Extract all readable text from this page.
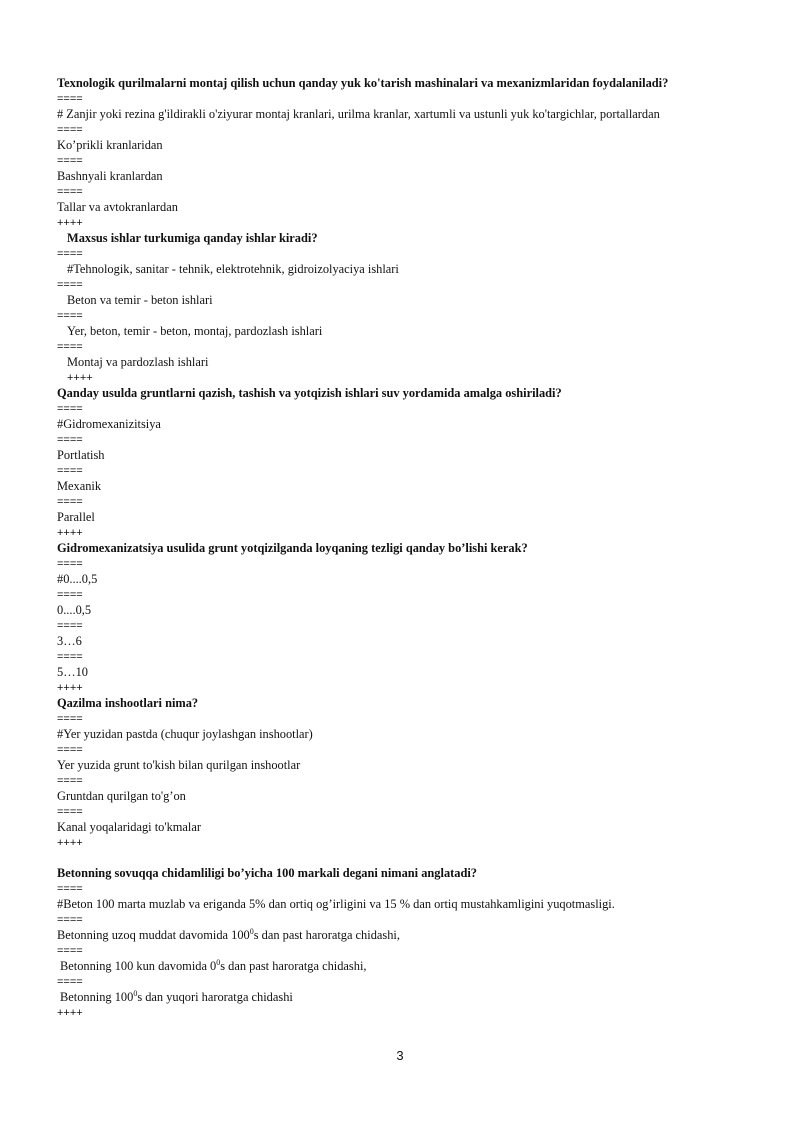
Texnologik qurilmalarni montaj qilish uchun qanday yuk ko'tarish mashinalari va mexanizmlaridan foydalaniladi?
====
# Zanjir yoki rezina g'ildirakli o'ziyurar montaj kranlari, urilma kranlar, xartumli va ustunli yuk ko'targichlar, portallardan
====
Ko’prikli kranlaridan
====
Bashnyali kranlardan
====
Tallar va avtokranlardan
++++
Maxsus ishlar turkumiga qanday ishlar kiradi?
====
#Tehnologik, sanitar - tehnik, elektrotehnik, gidroizolyaciya ishlari
====
Beton va temir - beton ishlari
====
Yer, beton, temir - beton, montaj, pardozlash ishlari
====
Montaj va pardozlash ishlari
++++
Qanday usulda gruntlarni qazish, tashish va yotqizish ishlari suv yordamida amalga oshiriladi?
====
#Gidromexanizitsiya
====
Portlatish
====
Mexanik
====
Parallel
++++
Gidromexanizatsiya usulida grunt yotqizilganda loyqaning tezligi qanday bo’lishi kerak?
====
#0....0,5
====
0....0,5
====
3…6
====
5…10
++++
Qazilma inshootlari nima?
====
#Yer yuzidan pastda (chuqur joylashgan inshootlar)
====
Yer yuzida grunt to'kish bilan qurilgan inshootlar
====
Gruntdan qurilgan to'g’on
====
Kanal yoqalaridagi to'kmalar
++++
Betonning sovuqqa chidamliligi bo’yicha 100 markali degani nimani anglatadi?
====
#Beton 100 marta muzlab va eriganda 5% dan ortiq og’irligini va 15 % dan ortiq mustahkamligini yuqotmasligi.
====
Betonning uzoq muddat davomida $100^0s$ dan past haroratga chidashi,
====
Betonning 100 kun davomida $0^0s$ dan past haroratga chidashi,
====
Betonning $100^0s$ dan yuqori haroratga chidashi
++++
3
